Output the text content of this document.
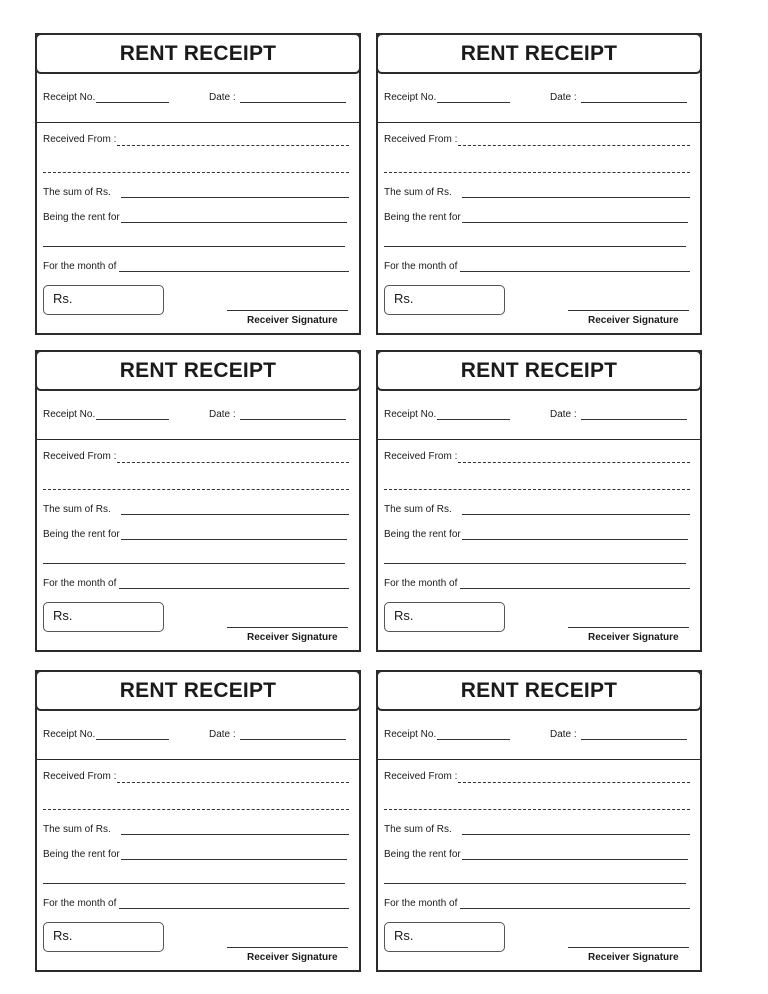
RENT RECEIPT
Receipt No.	Date :
Received From :
The sum of Rs.
Being the rent for
For the month of
Rs.
Receiver Signature
RENT RECEIPT
Receipt No.	Date :
Received From :
The sum of Rs.
Being the rent for
For the month of
Rs.
Receiver Signature
RENT RECEIPT
Receipt No.	Date :
Received From :
The sum of Rs.
Being the rent for
For the month of
Rs.
Receiver Signature
RENT RECEIPT
Receipt No.	Date :
Received From :
The sum of Rs.
Being the rent for
For the month of
Rs.
Receiver Signature
RENT RECEIPT
Receipt No.	Date :
Received From :
The sum of Rs.
Being the rent for
For the month of
Rs.
Receiver Signature
RENT RECEIPT
Receipt No.	Date :
Received From :
The sum of Rs.
Being the rent for
For the month of
Rs.
Receiver Signature
